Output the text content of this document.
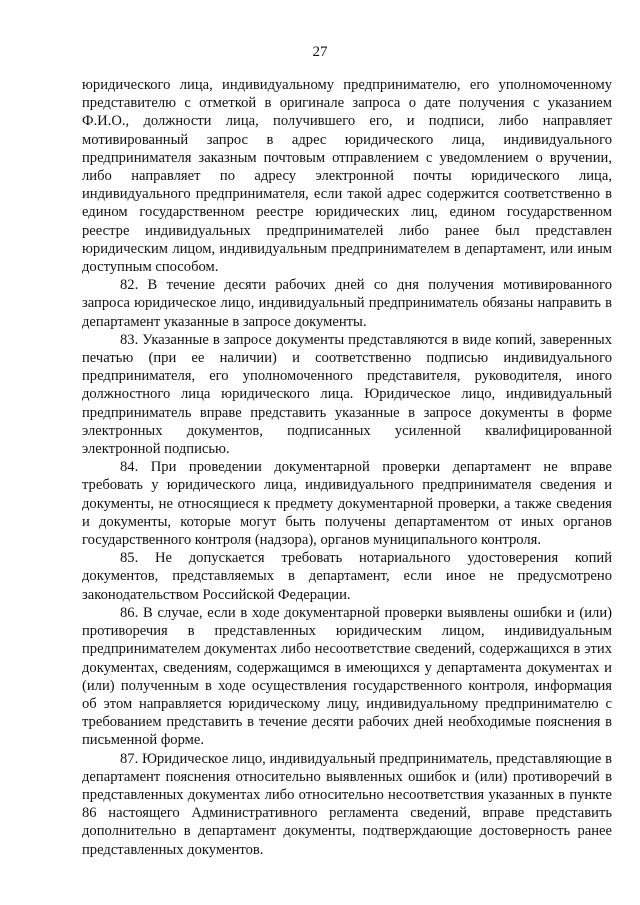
27

юридического лица, индивидуальному предпринимателю, его уполномоченному представителю с отметкой в оригинале запроса о дате получения с указанием Ф.И.О., должности лица, получившего его, и подписи, либо направляет мотивированный запрос в адрес юридического лица, индивидуального предпринимателя заказным почтовым отправлением с уведомлением о вручении, либо направляет по адресу электронной почты юридического лица, индивидуального предпринимателя, если такой адрес содержится соответственно в едином государственном реестре юридических лиц, едином государственном реестре индивидуальных предпринимателей либо ранее был представлен юридическим лицом, индивидуальным предпринимателем в департамент, или иным доступным способом.

82. В течение десяти рабочих дней со дня получения мотивированного запроса юридическое лицо, индивидуальный предприниматель обязаны направить в департамент указанные в запросе документы.

83. Указанные в запросе документы представляются в виде копий, заверенных печатью (при ее наличии) и соответственно подписью индивидуального предпринимателя, его уполномоченного представителя, руководителя, иного должностного лица юридического лица. Юридическое лицо, индивидуальный предприниматель вправе представить указанные в запросе документы в форме электронных документов, подписанных усиленной квалифицированной электронной подписью.

84. При проведении документарной проверки департамент не вправе требовать у юридического лица, индивидуального предпринимателя сведения и документы, не относящиеся к предмету документарной проверки, а также сведения и документы, которые могут быть получены департаментом от иных органов государственного контроля (надзора), органов муниципального контроля.

85. Не допускается требовать нотариального удостоверения копий документов, представляемых в департамент, если иное не предусмотрено законодательством Российской Федерации.

86. В случае, если в ходе документарной проверки выявлены ошибки и (или) противоречия в представленных юридическим лицом, индивидуальным предпринимателем документах либо несоответствие сведений, содержащихся в этих документах, сведениям, содержащимся в имеющихся у департамента документах и (или) полученным в ходе осуществления государственного контроля, информация об этом направляется юридическому лицу, индивидуальному предпринимателю с требованием представить в течение десяти рабочих дней необходимые пояснения в письменной форме.

87. Юридическое лицо, индивидуальный предприниматель, представляющие в департамент пояснения относительно выявленных ошибок и (или) противоречий в представленных документах либо относительно несоответствия указанных в пункте 86 настоящего Административного регламента сведений, вправе представить дополнительно в департамент документы, подтверждающие достоверность ранее представленных документов.
